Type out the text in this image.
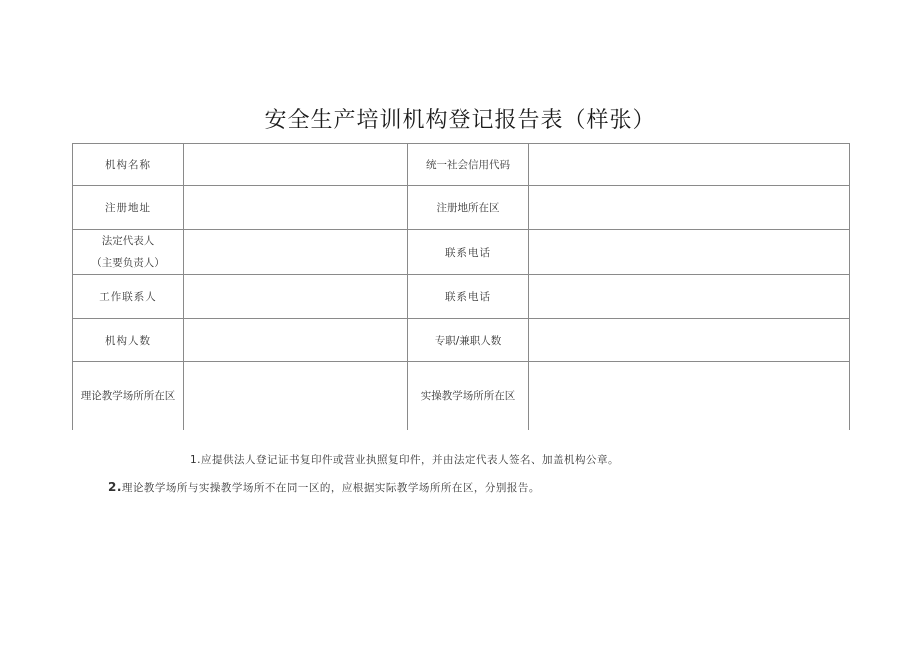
安全生产培训机构登记报告表（样张）
机构名称		统一社会信用代码	
注册地址		注册地所在区	

法定代表人
（主要负责人）		联系电话	
工作联系人		联系电话	
机构人数		专职/兼职人数	
理论教学场所所在区		实操教学场所所在区	
1.应提供法人登记证书复印件或营业执照复印件，并由法定代表人签名、加盖机构公章。
2.理论教学场所与实操教学场所不在同一区的，应根据实际教学场所所在区，分别报告。
